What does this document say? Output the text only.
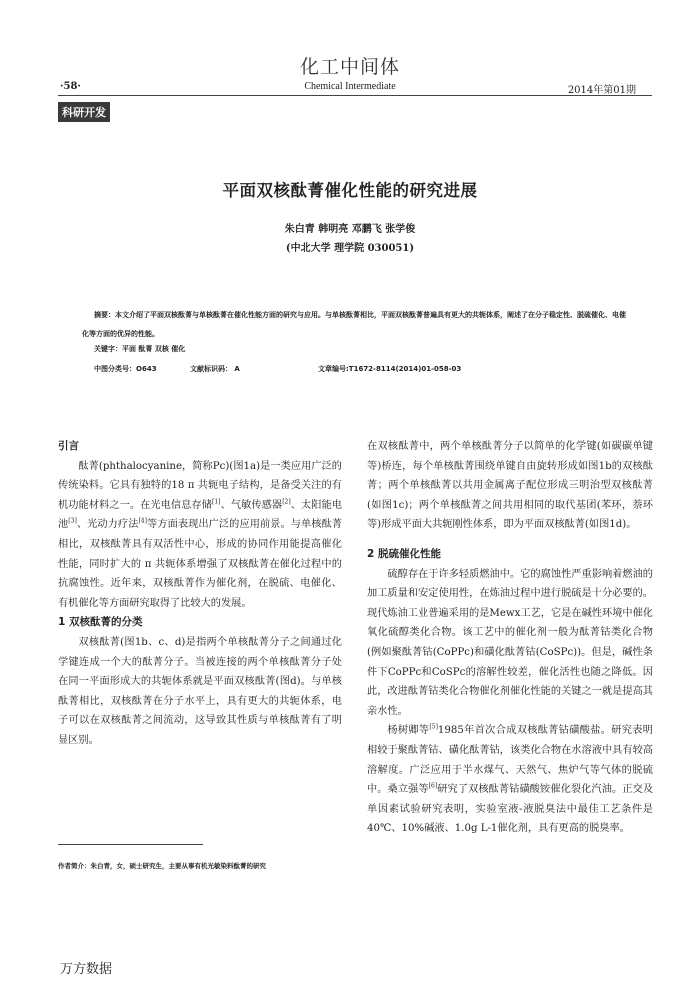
化工中间体
·58·	Chemical Intermediate	2014年第01期
科研开发
平面双核酞菁催化性能的研究进展
朱白青 韩明亮 邓鹏飞 张学俊
(中北大学 理学院 030051)
摘要：本文介绍了平面双核酞菁与单核酞菁在催化性能方面的研究与应用。与单核酞菁相比，平面双核酞菁普遍具有更大的共轭体系，阐述了在分子稳定性、脱硫催化、电催化等方面的优异的性能。
关键字：平面 酞菁 双核 催化
中图分类号：O643	文献标识码： A	文章编号:T1672-8114(2014)01-058-03
引言

酞菁(phthalocyanine，简称Pc)(图1a)是一类应用广泛的传统染料。它具有独特的18 π 共轭电子结构，是备受关注的有机功能材料之一。在光电信息存储[1]、气敏传感器[2]、太阳能电池[3]、光动力疗法[4]等方面表现出广泛的应用前景。与单核酞菁相比，双核酞菁具有双活性中心，形成的协同作用能提高催化性能，同时扩大的 π 共轭体系增强了双核酞菁在催化过程中的抗腐蚀性。近年来，双核酞菁作为催化剂，在脱硫、电催化、有机催化等方面研究取得了比较大的发展。

1 双核酞菁的分类

双核酞菁(图1b、c、d)是指两个单核酞菁分子之间通过化学键连成一个大的酞菁分子。当被连接的两个单核酞菁分子处在同一平面形成大的共轭体系就是平面双核酞菁(图d)。与单核酞菁相比，双核酞菁在分子水平上，具有更大的共轭体系，电子可以在双核酞菁之间流动，这导致其性质与单核酞菁有了明显区别。

在双核酞菁中，两个单核酞菁分子以简单的化学键(如碳碳单键等)桥连，每个单核酞菁围绕单键自由旋转形成如图1b的双核酞菁；两个单核酞菁以共用金属离子配位形成三明治型双核酞菁(如图1c)；两个单核酞菁之间共用相同的取代基团(苯环，萘环等)形成平面大共轭刚性体系，即为平面双核酞菁(如图1d)。

2 脱硫催化性能

硫醇存在于许多轻质燃油中。它的腐蚀性严重影响着燃油的加工质量和安定使用性，在炼油过程中进行脱硫是十分必要的。现代炼油工业普遍采用的是Mewx工艺，它是在碱性环境中催化氧化硫醇类化合物。该工艺中的催化剂一般为酞菁钴类化合物(例如聚酞菁钴(CoPPc)和磺化酞菁钴(CoSPc))。但是，碱性条件下CoPPc和CoSPc的溶解性较差，催化活性也随之降低。因此，改进酞菁钴类化合物催化剂催化性能的关键之一就是提高其亲水性。

杨树卿等[5]1985年首次合成双核酞菁钴磺酸盐。研究表明相较于聚酞菁钴、磺化酞菁钴，该类化合物在水溶液中具有较高溶解度。广泛应用于半水煤气、天然气、焦炉气等气体的脱硫中。桑立强等[6]研究了双核酞菁钴磺酸铵催化裂化汽油。正交及单因素试验研究表明，实验室液-液脱臭法中最佳工艺条件是40℃、10%碱液、1.0g L-1催化剂，具有更高的脱臭率。

作者简介：朱白青，女，硕士研究生，主要从事有机光敏染料酞菁的研究
万方数据
